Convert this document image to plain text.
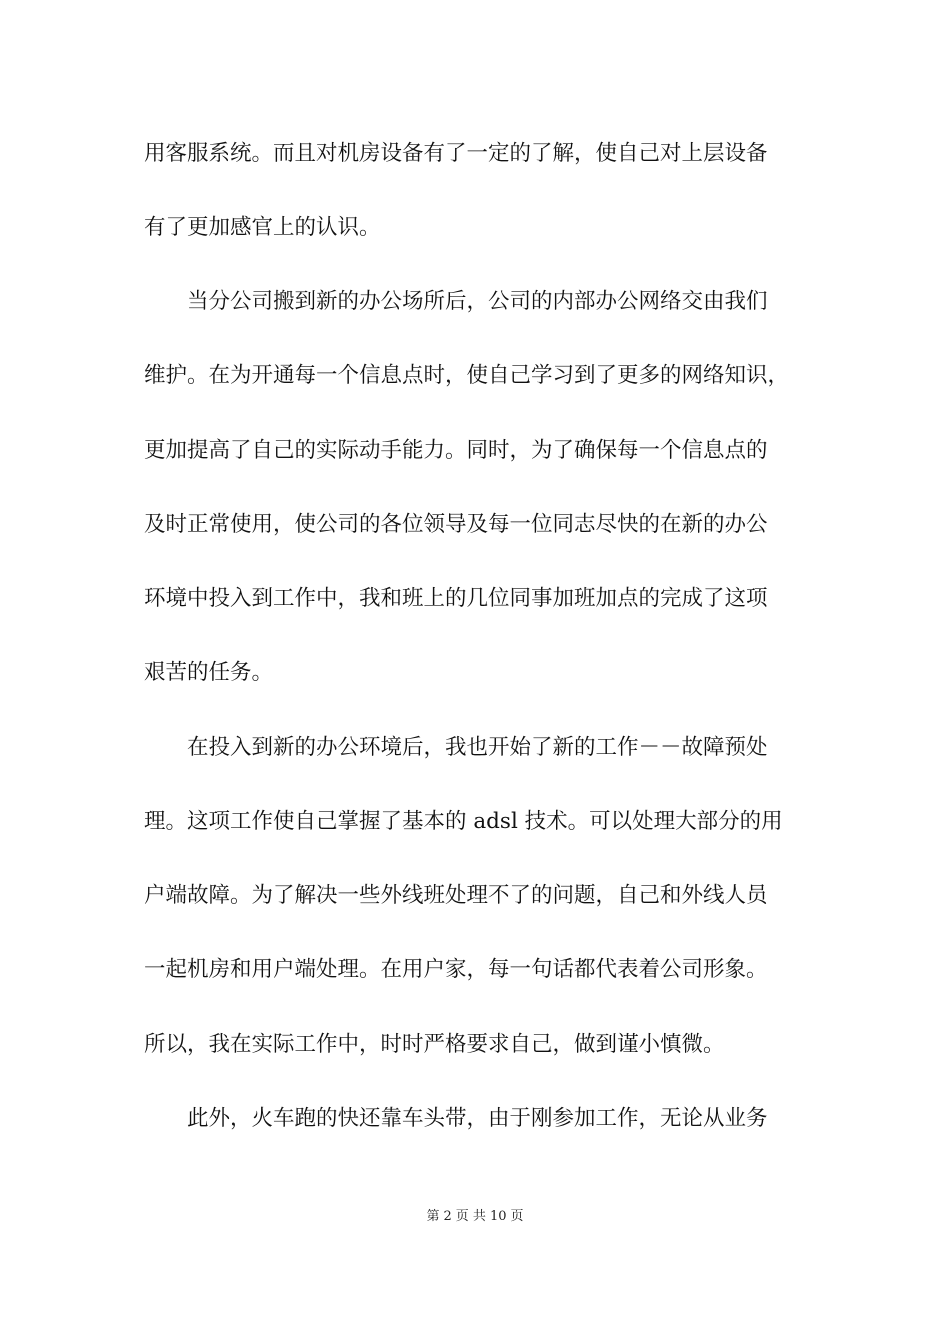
用客服系统。而且对机房设备有了一定的了解，使自己对上层设备
有了更加感官上的认识。
　　当分公司搬到新的办公场所后，公司的内部办公网络交由我们
维护。在为开通每一个信息点时，使自己学习到了更多的网络知识，
更加提高了自己的实际动手能力。同时，为了确保每一个信息点的
及时正常使用，使公司的各位领导及每一位同志尽快的在新的办公
环境中投入到工作中，我和班上的几位同事加班加点的完成了这项
艰苦的任务。
　　在投入到新的办公环境后，我也开始了新的工作－－故障预处
理。这项工作使自己掌握了基本的 adsl 技术。可以处理大部分的用
户端故障。为了解决一些外线班处理不了的问题，自己和外线人员
一起机房和用户端处理。在用户家，每一句话都代表着公司形象。
所以，我在实际工作中，时时严格要求自己，做到谨小慎微。
　　此外，火车跑的快还靠车头带，由于刚参加工作，无论从业务
第 2 页 共 10 页
